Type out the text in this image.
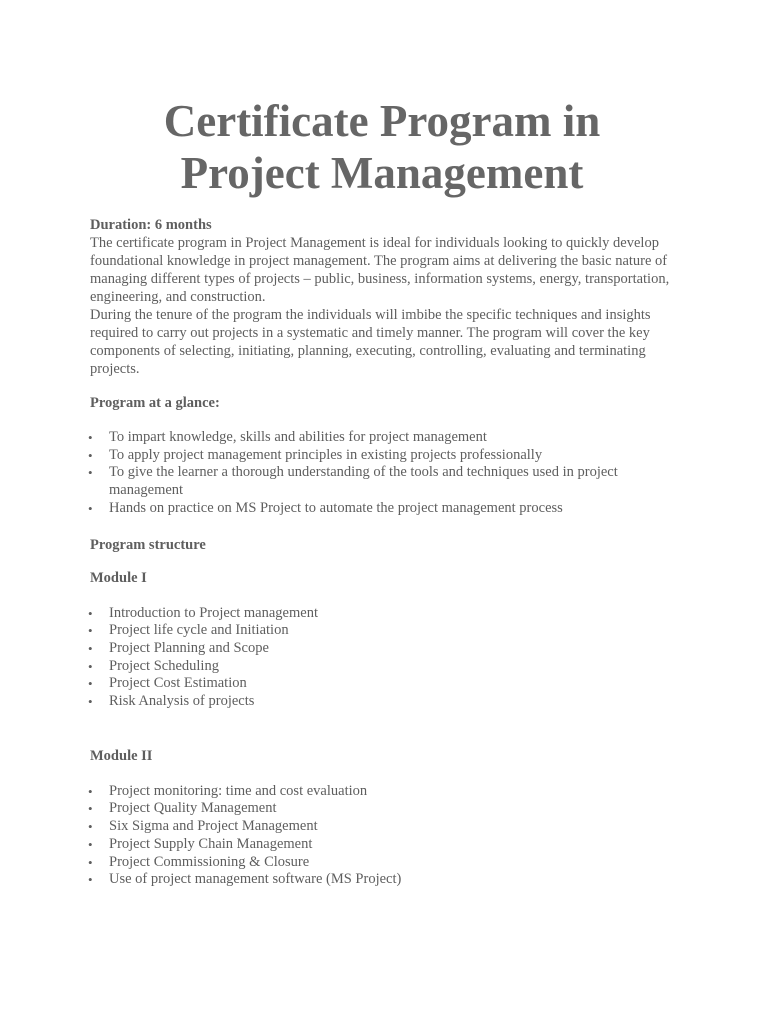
Certificate Program in
Project Management
Duration: 6 months

The certificate program in Project Management is ideal for individuals looking to quickly develop foundational knowledge in project management. The program aims at delivering the basic nature of managing different types of projects – public, business, information systems, energy, transportation, engineering, and construction.

During the tenure of the program the individuals will imbibe the specific techniques and insights required to carry out projects in a systematic and timely manner. The program will cover the key components of selecting, initiating, planning, executing, controlling, evaluating and terminating projects.

Program at a glance:
• To impart knowledge, skills and abilities for project management
• To apply project management principles in existing projects professionally
• To give the learner a thorough understanding of the tools and techniques used in project management
• Hands on practice on MS Project to automate the project management process
Program structure
Module I
• Introduction to Project management
• Project life cycle and Initiation
• Project Planning and Scope
• Project Scheduling
• Project Cost Estimation
• Risk Analysis of projects
Module II
• Project monitoring: time and cost evaluation
• Project Quality Management
• Six Sigma and Project Management
• Project Supply Chain Management
• Project Commissioning & Closure
• Use of project management software (MS Project)
